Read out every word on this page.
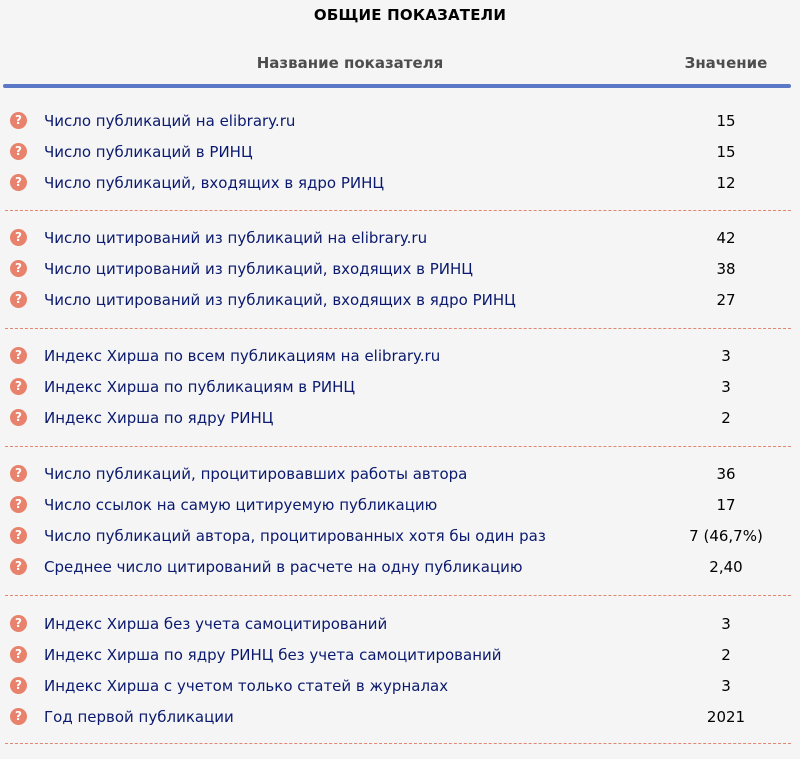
ОБЩИЕ ПОКАЗАТЕЛИ
Название показателя	Значение
?	Число публикаций на elibrary.ru	15
?	Число публикаций в РИНЦ	15
?	Число публикаций, входящих в ядро РИНЦ	12
?	Число цитирований из публикаций на elibrary.ru	42
?	Число цитирований из публикаций, входящих в РИНЦ	38
?	Число цитирований из публикаций, входящих в ядро РИНЦ	27
?	Индекс Хирша по всем публикациям на elibrary.ru	3
?	Индекс Хирша по публикациям в РИНЦ	3
?	Индекс Хирша по ядру РИНЦ	2
?	Число публикаций, процитировавших работы автора	36
?	Число ссылок на самую цитируемую публикацию	17
?	Число публикаций автора, процитированных хотя бы один раз	7 (46,7%)
?	Среднее число цитирований в расчете на одну публикацию	2,40
?	Индекс Хирша без учета самоцитирований	3
?	Индекс Хирша по ядру РИНЦ без учета самоцитирований	2
?	Индекс Хирша с учетом только статей в журналах	3
?	Год первой публикации	2021
